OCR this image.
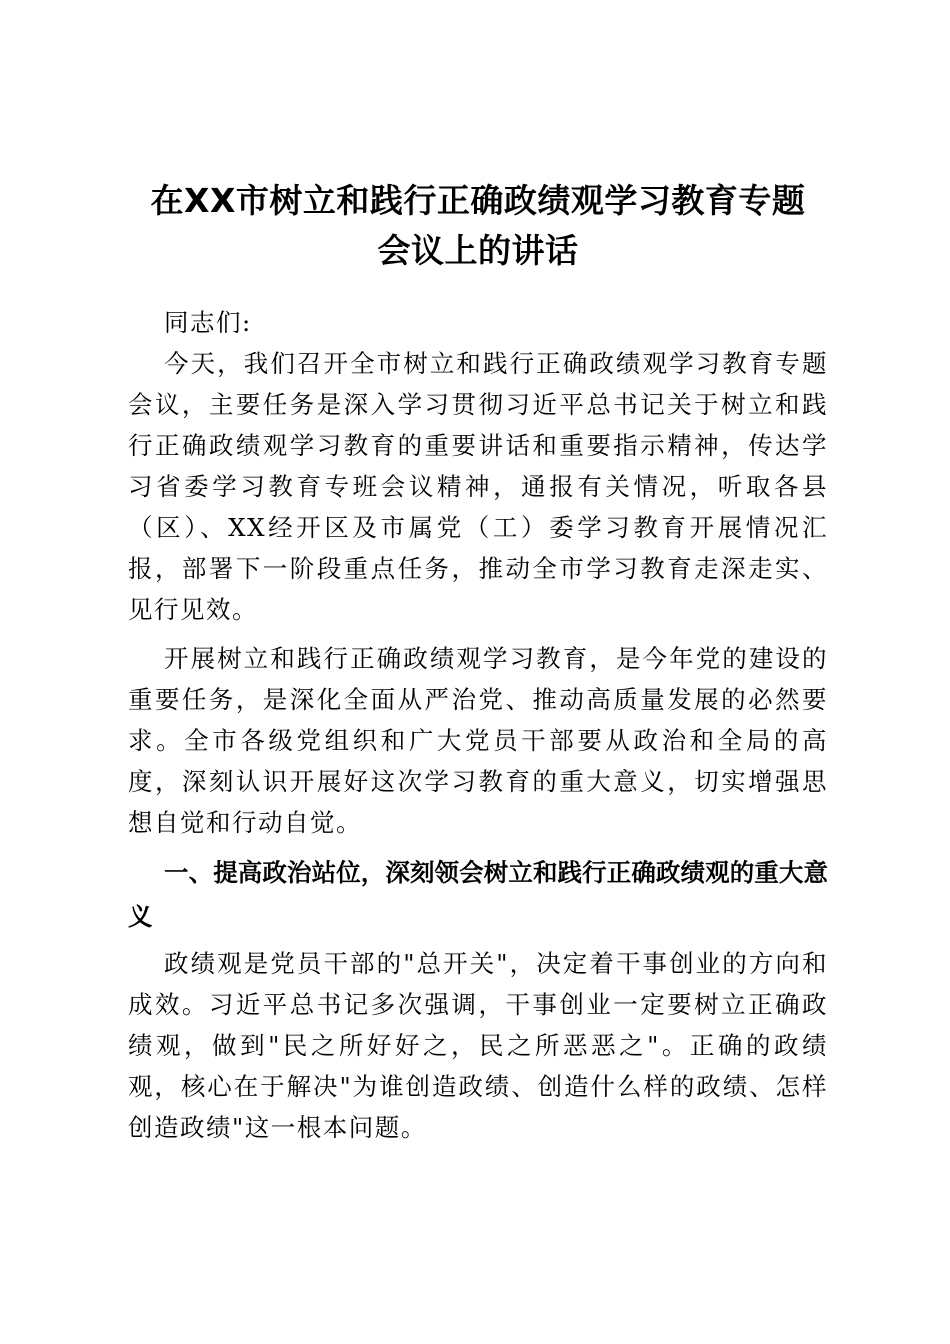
在XX市树立和践行正确政绩观学习教育专题
会议上的讲话

同志们:

今天，我们召开全市树立和践行正确政绩观学习教育专题会议，主要任务是深入学习贯彻习近平总书记关于树立和践行正确政绩观学习教育的重要讲话和重要指示精神，传达学习省委学习教育专班会议精神，通报有关情况，听取各县（区）、XX经开区及市属党（工）委学习教育开展情况汇报，部署下一阶段重点任务，推动全市学习教育走深走实、见行见效。

开展树立和践行正确政绩观学习教育，是今年党的建设的重要任务，是深化全面从严治党、推动高质量发展的必然要求。全市各级党组织和广大党员干部要从政治和全局的高度，深刻认识开展好这次学习教育的重大意义，切实增强思想自觉和行动自觉。

一、提高政治站位，深刻领会树立和践行正确政绩观的重大意义

政绩观是党员干部的"总开关"，决定着干事创业的方向和成效。习近平总书记多次强调，干事创业一定要树立正确政绩观，做到"民之所好好之，民之所恶恶之"。正确的政绩观，核心在于解决"为谁创造政绩、创造什么样的政绩、怎样创造政绩"这一根本问题。
